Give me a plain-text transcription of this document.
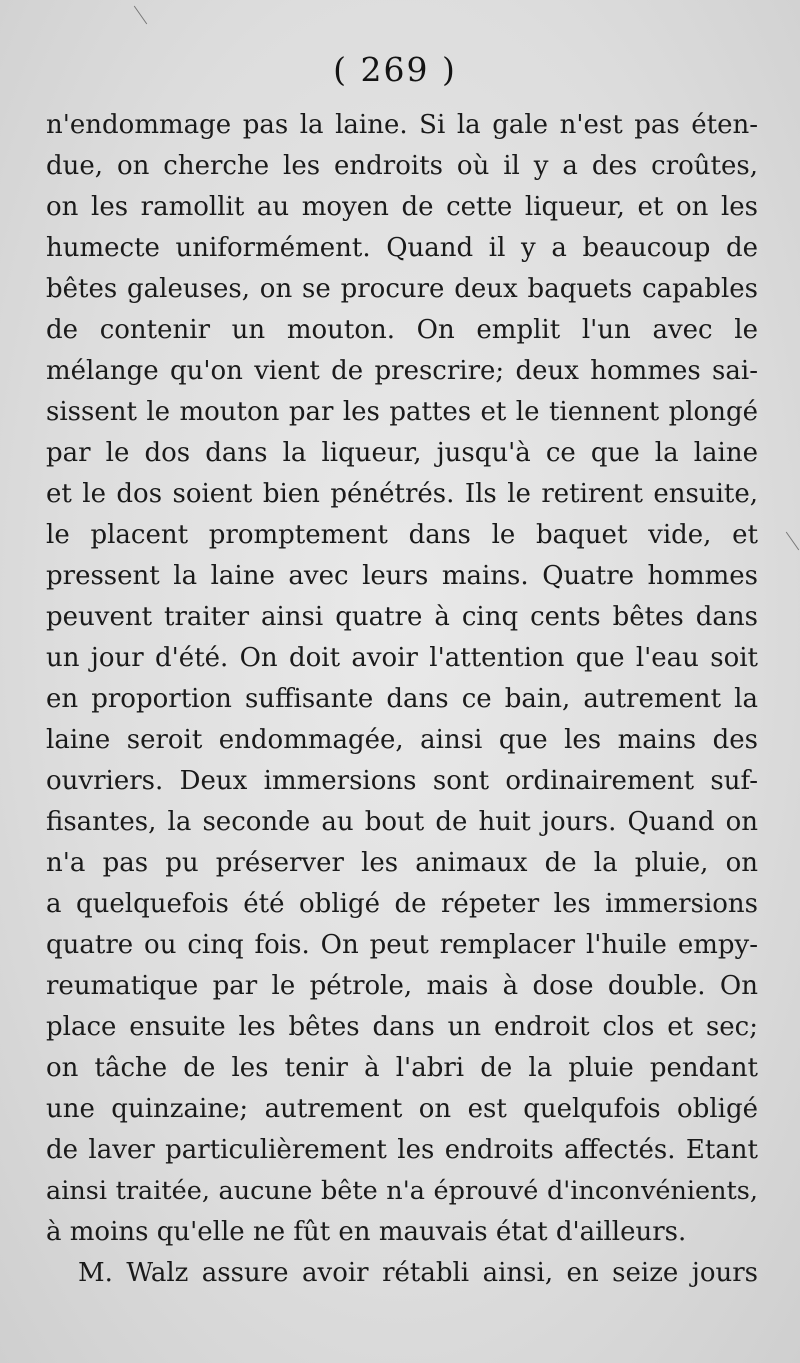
( 269 )
n'endommage pas la laine. Si la gale n'est pas éten-
due, on cherche les endroits où il y a des croûtes,
on les ramollit au moyen de cette liqueur, et on les
humecte uniformément. Quand il y a beaucoup de
bêtes galeuses, on se procure deux baquets capables
de contenir un mouton. On emplit l'un avec le
mélange qu'on vient de prescrire; deux hommes sai-
sissent le mouton par les pattes et le tiennent plongé
par le dos dans la liqueur, jusqu'à ce que la laine
et le dos soient bien pénétrés. Ils le retirent ensuite,
le placent promptement dans le baquet vide, et
pressent la laine avec leurs mains. Quatre hommes
peuvent traiter ainsi quatre à cinq cents bêtes dans
un jour d'été. On doit avoir l'attention que l'eau soit
en proportion suffisante dans ce bain, autrement la
laine seroit endommagée, ainsi que les mains des
ouvriers. Deux immersions sont ordinairement suf-
fisantes, la seconde au bout de huit jours. Quand on
n'a pas pu préserver les animaux de la pluie, on
a quelquefois été obligé de répeter les immersions
quatre ou cinq fois. On peut remplacer l'huile empy-
reumatique par le pétrole, mais à dose double. On
place ensuite les bêtes dans un endroit clos et sec;
on tâche de les tenir à l'abri de la pluie pendant
une quinzaine; autrement on est quelqufois obligé
de laver particulièrement les endroits affectés. Etant
ainsi traitée, aucune bête n'a éprouvé d'inconvénients,
à moins qu'elle ne fût en mauvais état d'ailleurs.
M. Walz assure avoir rétabli ainsi, en seize jours
